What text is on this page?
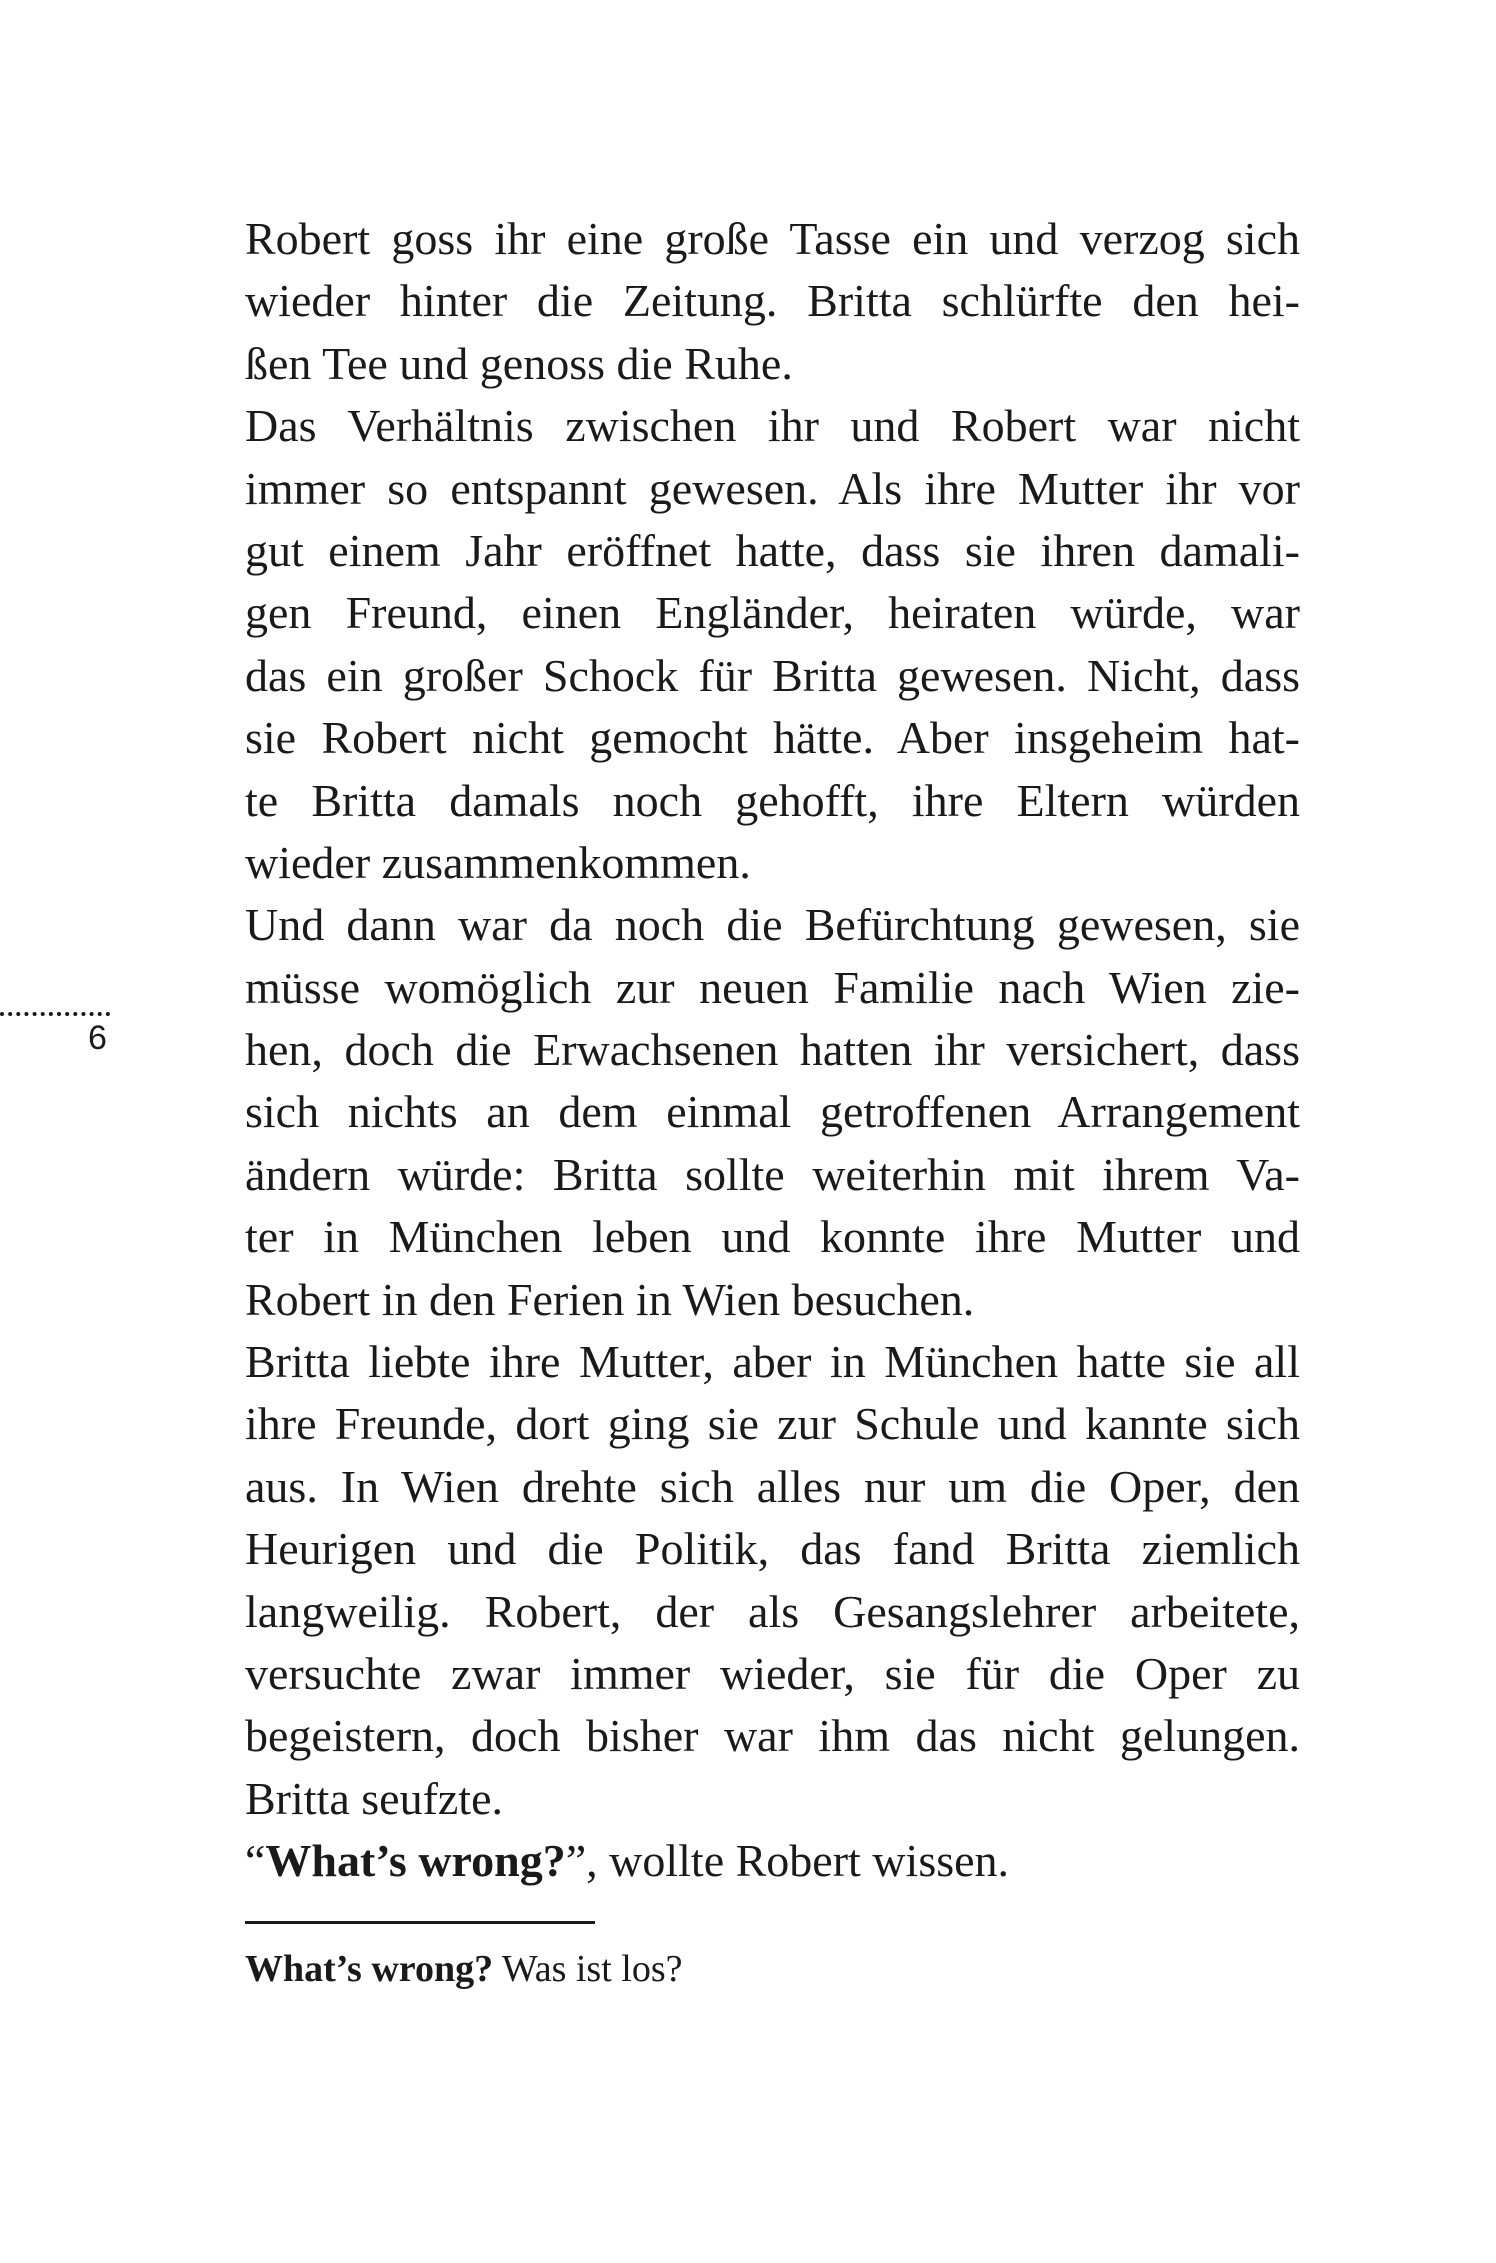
6
Robert goss ihr eine große Tasse ein und verzog sich
wieder hinter die Zeitung. Britta schlürfte den hei-
ßen Tee und genoss die Ruhe.
Das Verhältnis zwischen ihr und Robert war nicht
immer so entspannt gewesen. Als ihre Mutter ihr vor
gut einem Jahr eröffnet hatte, dass sie ihren damali-
gen Freund, einen Engländer, heiraten würde, war
das ein großer Schock für Britta gewesen. Nicht, dass
sie Robert nicht gemocht hätte. Aber insgeheim hat-
te Britta damals noch gehofft, ihre Eltern würden
wieder zusammenkommen.
Und dann war da noch die Befürchtung gewesen, sie
müsse womöglich zur neuen Familie nach Wien zie-
hen, doch die Erwachsenen hatten ihr versichert, dass
sich nichts an dem einmal getroffenen Arrangement
ändern würde: Britta sollte weiterhin mit ihrem Va-
ter in München leben und konnte ihre Mutter und
Robert in den Ferien in Wien besuchen.
Britta liebte ihre Mutter, aber in München hatte sie all
ihre Freunde, dort ging sie zur Schule und kannte sich
aus. In Wien drehte sich alles nur um die Oper, den
Heurigen und die Politik, das fand Britta ziemlich
langweilig. Robert, der als Gesangslehrer arbeitete,
versuchte zwar immer wieder, sie für die Oper zu
begeistern, doch bisher war ihm das nicht gelungen.
Britta seufzte.
“What’s wrong?”, wollte Robert wissen.
What’s wrong? Was ist los?
